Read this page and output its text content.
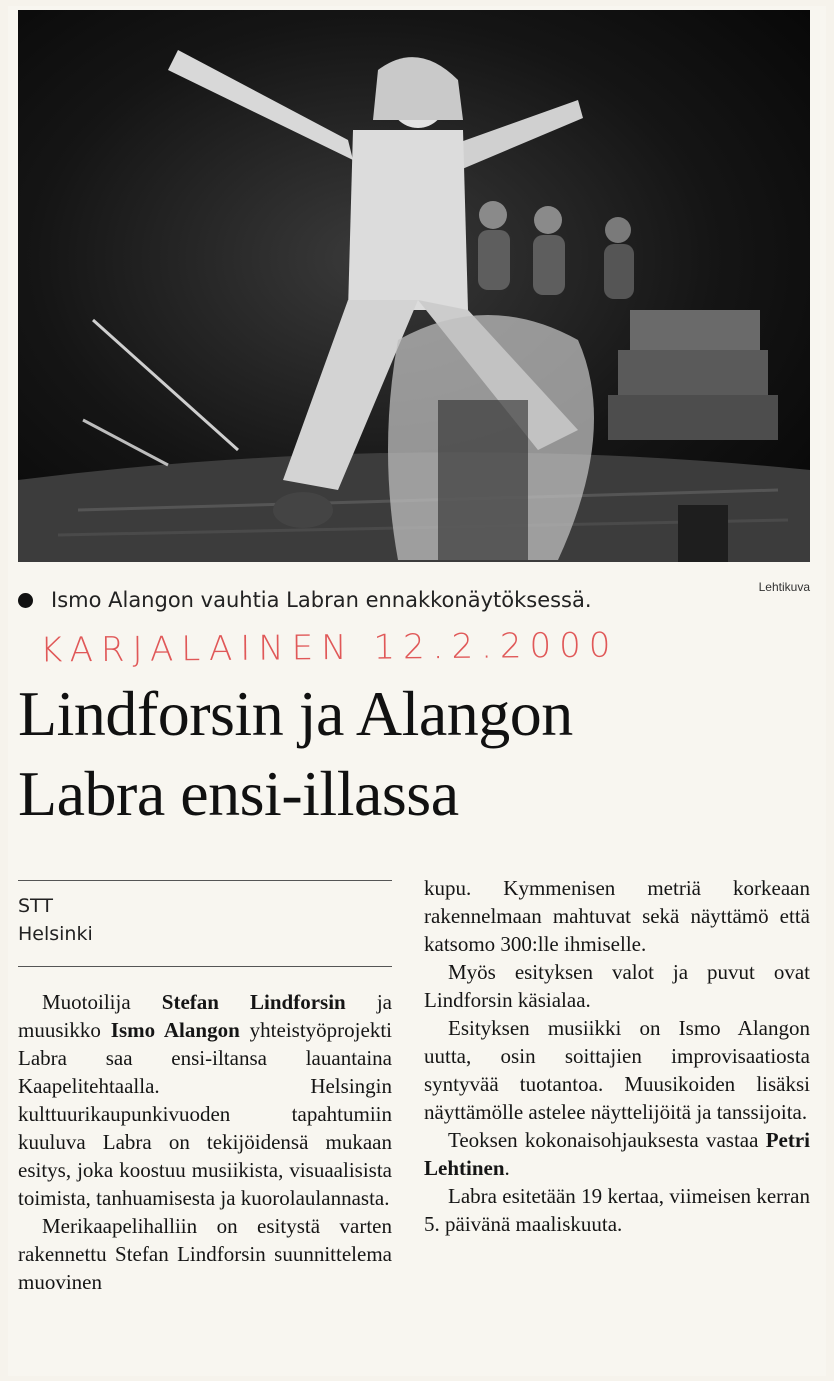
Lehtikuva
Ismo Alangon vauhtia Labran ennakkonäytöksessä.
KARJALAINEN 12.2.2000
Lindforsin ja Alangon
Labra ensi-illassa
STT
Helsinki

Muotoilija Stefan Lindforsin ja muusikko Ismo Alangon yhteistyöprojekti Labra saa ensi-iltansa lauantaina Kaapelitehtaalla. Helsingin kulttuurikaupunkivuoden tapahtumiin kuuluva Labra on tekijöidensä mukaan esitys, joka koostuu musiikista, visuaalisista toimista, tanhuamisesta ja kuorolaulannasta.

Merikaapelihalliin on esitystä varten rakennettu Stefan Lindforsin suunnittelema muovinen

kupu. Kymmenisen metriä korkeaan rakennelmaan mahtuvat sekä näyttämö että katsomo 300:lle ihmiselle.

Myös esityksen valot ja puvut ovat Lindforsin käsialaa.

Esityksen musiikki on Ismo Alangon uutta, osin soittajien improvisaatiosta syntyvää tuotantoa. Muusikoiden lisäksi näyttämölle astelee näyttelijöitä ja tanssijoita.

Teoksen kokonaisohjauksesta vastaa Petri Lehtinen.

Labra esitetään 19 kertaa, viimeisen kerran 5. päivänä maaliskuuta.
